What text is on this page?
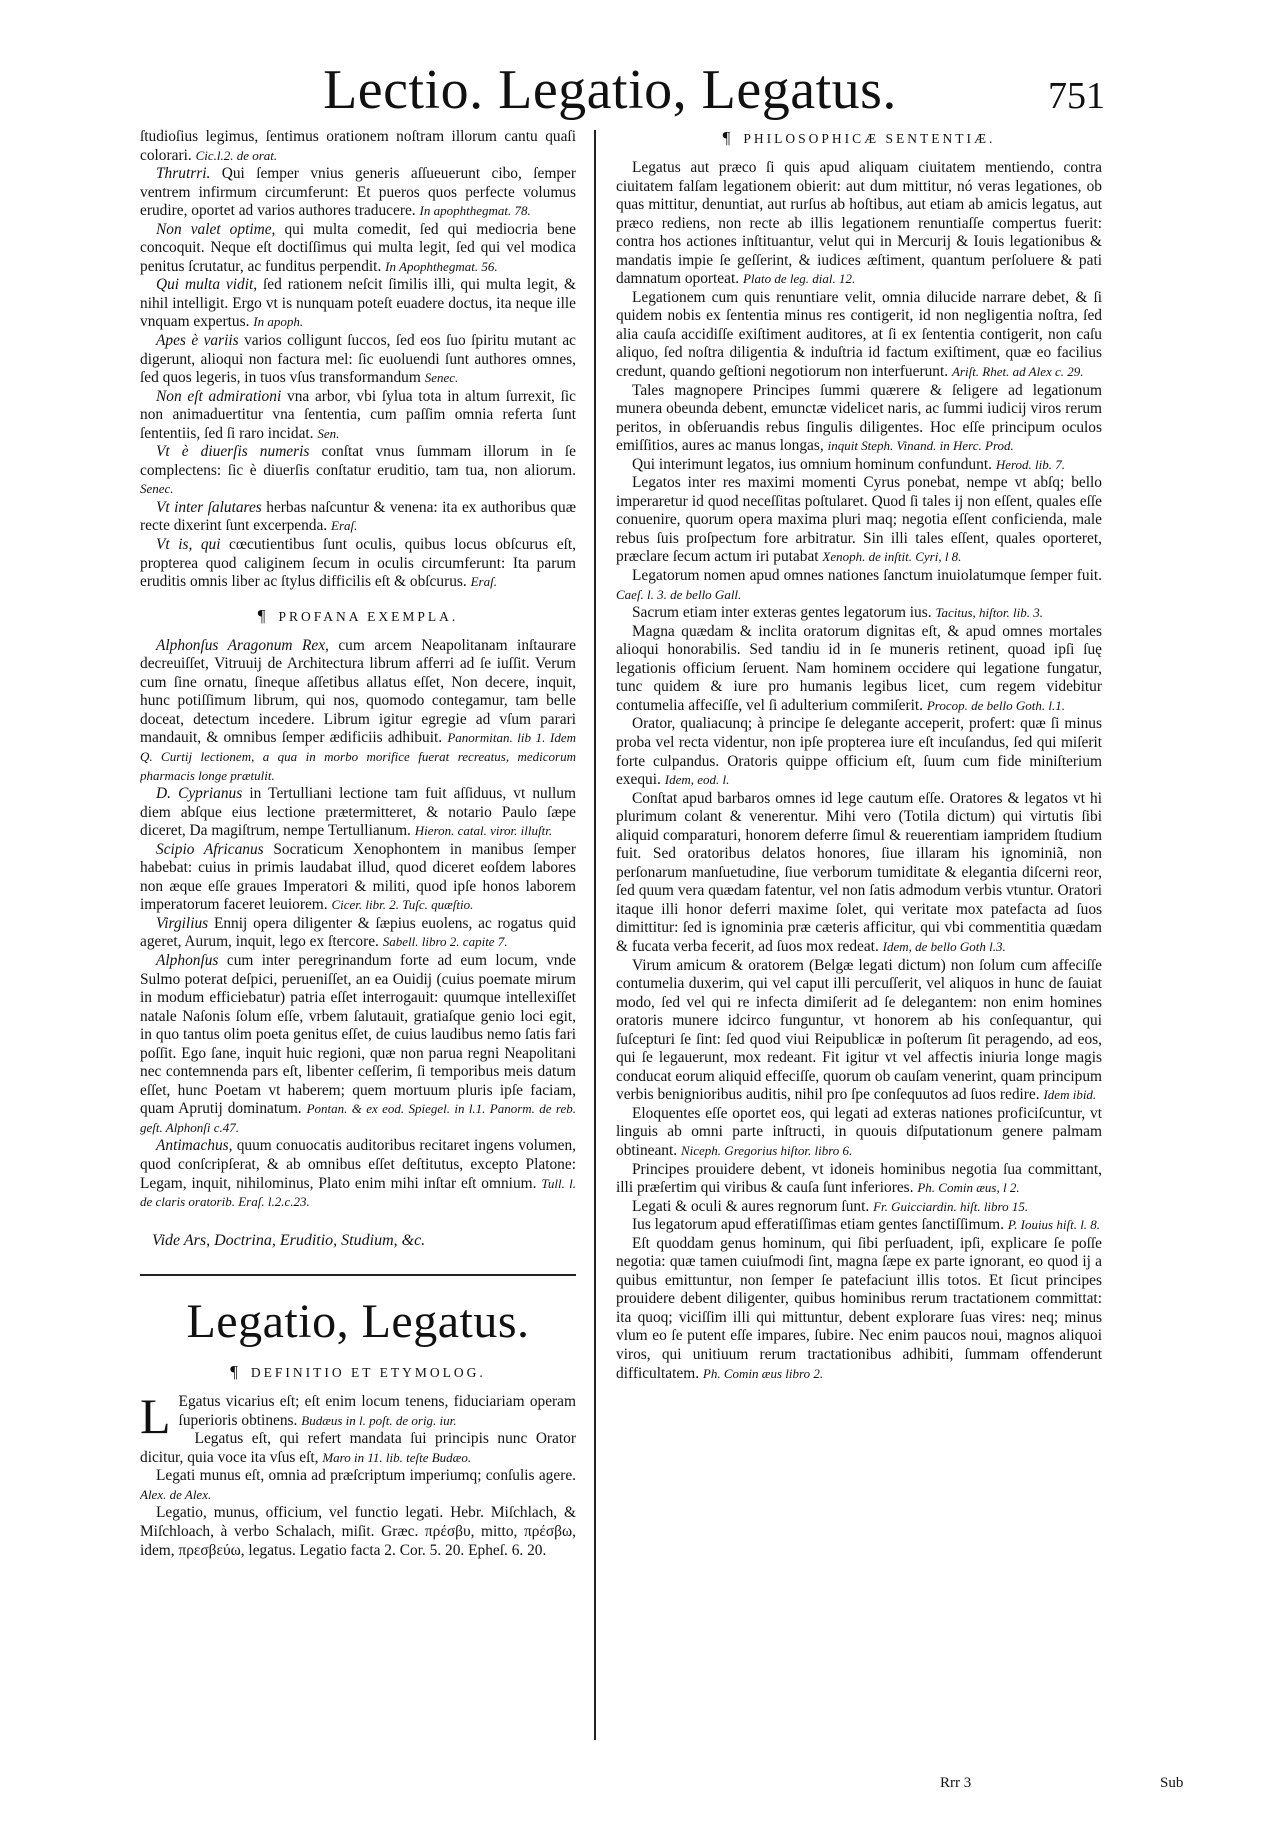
Lectio. Legatio, Legatus.	751

ſtudioſius legimus, ſentimus orationem noſtram illorum cantu quaſi colorari. Cic.l.2. de orat.

Thrutrri. Qui ſemper vnius generis aſſueuerunt cibo, ſemper ventrem infirmum circumferunt: Et pueros quos perfecte volumus erudire, oportet ad varios authores traducere. In apophthegmat. 78.

Non valet optime, qui multa comedit, ſed qui mediocria bene concoquit. Neque eſt doctiſſimus qui multa legit, ſed qui vel modica penitus ſcrutatur, ac funditus perpendit. In Apophthegmat. 56.

Qui multa vidit, ſed rationem neſcit ſimilis illi, qui multa legit, & nihil intelligit. Ergo vt is nunquam poteſt euadere doctus, ita neque ille vnquam expertus. In apoph.

Apes è variis varios colligunt ſuccos, ſed eos ſuo ſpiritu mutant ac digerunt, alioqui non factura mel: ſic euoluendi ſunt authores omnes, ſed quos legeris, in tuos vſus transformandum Senec.

Non eſt admirationi vna arbor, vbi ſylua tota in altum ſurrexit, ſic non animaduertitur vna ſententia, cum paſſim omnia referta ſunt ſententiis, ſed ſi raro incidat. Sen.

Vt è diuerſis numeris conſtat vnus ſummam illorum in ſe complectens: ſic è diuerſis conſtatur eruditio, tam tua, non aliorum. Senec.

Vt inter ſalutares herbas naſcuntur & venena: ita ex authoribus quæ recte dixerint ſunt excerpenda. Eraſ.

Vt is, qui cœcutientibus ſunt oculis, quibus locus obſcurus eſt, propterea quod caliginem ſecum in oculis circumferunt: Ita parum eruditis omnis liber ac ſtylus difficilis eſt & obſcurus. Eraſ.

¶ PROFANA EXEMPLA.

Alphonſus Aragonum Rex, cum arcem Neapolitanam inſtaurare decreuiſſet, Vitruuij de Architectura librum afferri ad ſe iuſſit. Verum cum ſine ornatu, ſineque aſſetibus allatus eſſet, Non decere, inquit, hunc potiſſimum librum, qui nos, quomodo contegamur, tam belle doceat, detectum incedere. Librum igitur egregie ad vſum parari mandauit, & omnibus ſemper ædificiis adhibuit. Panormitan. lib 1. Idem Q. Curtij lectionem, a qua in morbo morifice fuerat recreatus, medicorum pharmacis longe prætulit.

D. Cyprianus in Tertulliani lectione tam fuit aſſiduus, vt nullum diem abſque eius lectione prætermitteret, & notario Paulo ſæpe diceret, Da magiſtrum, nempe Tertullianum. Hieron. catal. viror. illuſtr.

Scipio Africanus Socraticum Xenophontem in manibus ſemper habebat: cuius in primis laudabat illud, quod diceret eoſdem labores non æque eſſe graues Imperatori & militi, quod ipſe honos laborem imperatorum faceret leuiorem. Cicer. libr. 2. Tuſc. quæſtio.

Virgilius Ennij opera diligenter & ſæpius euolens, ac rogatus quid ageret, Aurum, inquit, lego ex ſtercore. Sabell. libro 2. capite 7.

Alphonſus cum inter peregrinandum forte ad eum locum, vnde Sulmo poterat deſpici, perueniſſet, an ea Ouidij (cuius poemate mirum in modum efficiebatur) patria eſſet interrogauit: quumque intellexiſſet natale Naſonis ſolum eſſe, vrbem ſalutauit, gratiaſque genio loci egit, in quo tantus olim poeta genitus eſſet, de cuius laudibus nemo ſatis fari poſſit. Ego ſane, inquit huic regioni, quæ non parua regni Neapolitani nec contemnenda pars eſt, libenter ceſſerim, ſi temporibus meis datum eſſet, hunc Poetam vt haberem; quem mortuum pluris ipſe faciam, quam Aprutij dominatum. Pontan. & ex eod. Spiegel. in l.1. Panorm. de reb. geſt. Alphonſi c.47.

Antimachus, quum conuocatis auditoribus recitaret ingens volumen, quod conſcripſerat, & ab omnibus eſſet deſtitutus, excepto Platone: Legam, inquit, nihilominus, Plato enim mihi inſtar eſt omnium. Tull. l. de claris oratorib. Eraſ. l.2.c.23.

Vide Ars, Doctrina, Eruditio, Studium, &c.

Legatio, Legatus.
¶ DEFINITIO ET ETYMOLOG.

L Egatus vicarius eſt; eſt enim locum tenens, fiduciariam operam ſuperioris obtinens. Budæus in l. poſt. de orig. iur.

Legatus eſt, qui refert mandata ſui principis nunc Orator dicitur, quia voce ita vſus eſt, Maro in 11. lib. teſte Budæo.

Legati munus eſt, omnia ad præſcriptum imperiumq; conſulis agere. Alex. de Alex.

Legatio, munus, officium, vel functio legati. Hebr. Miſchlach, & Miſchloach, à verbo Schalach, miſit. Græc. πρέσβυ, mitto, πρέσβω, idem, πρεσβεύω, legatus. Legatio facta 2. Cor. 5. 20. Epheſ. 6. 20.

¶ PHILOSOPHICÆ SENTENTIÆ.

Legatus aut præco ſi quis apud aliquam ciuitatem mentiendo, contra ciuitatem falſam legationem obierit: aut dum mittitur, nó veras legationes, ob quas mittitur, denuntiat, aut rurſus ab hoſtibus, aut etiam ab amicis legatus, aut præco rediens, non recte ab illis legationem renuntiaſſe compertus fuerit: contra hos actiones inſtituantur, velut qui in Mercurij & Iouis legationibus & mandatis impie ſe geſſerint, & iudices æſtiment, quantum perſoluere & pati damnatum oporteat. Plato de leg. dial. 12.

Legationem cum quis renuntiare velit, omnia dilucide narrare debet, & ſi quidem nobis ex ſententia minus res contigerit, id non negligentia noſtra, ſed alia cauſa accidiſſe exiſtiment auditores, at ſi ex ſententia contigerit, non caſu aliquo, ſed noſtra diligentia & induſtria id factum exiſtiment, quæ eo facilius credunt, quando geſtioni negotiorum non interfuerunt. Ariſt. Rhet. ad Alex c. 29.

Tales magnopere Principes ſummi quærere & ſeligere ad legationum munera obeunda debent, emunctæ videlicet naris, ac ſummi iudicij viros rerum peritos, in obſeruandis rebus ſingulis diligentes. Hoc eſſe principum oculos emiſſitios, aures ac manus longas, inquit Steph. Vinand. in Herc. Prod.

Qui interimunt legatos, ius omnium hominum confundunt. Herod. lib. 7.

Legatos inter res maximi momenti Cyrus ponebat, nempe vt abſq; bello imperaretur id quod neceſſitas poſtularet. Quod ſi tales ij non eſſent, quales eſſe conuenire, quorum opera maxima pluri maq; negotia eſſent conficienda, male rebus ſuis proſpectum fore arbitratur. Sin illi tales eſſent, quales oporteret, præclare ſecum actum iri putabat Xenoph. de inſtit. Cyri, l 8.

Legatorum nomen apud omnes nationes ſanctum inuiolatumque ſemper fuit. Caeſ. l. 3. de bello Gall.

Sacrum etiam inter exteras gentes legatorum ius. Tacitus, hiſtor. lib. 3.

Magna quædam & inclita oratorum dignitas eſt, & apud omnes mortales alioqui honorabilis. Sed tandiu id in ſe muneris retinent, quoad ipſi ſuę legationis officium ſeruent. Nam hominem occidere qui legatione fungatur, tunc quidem & iure pro humanis legibus licet, cum regem videbitur contumelia affeciſſe, vel ſi adulterium commiſerit. Procop. de bello Goth. l.1.

Orator, qualiacunq; à principe ſe delegante acceperit, profert: quæ ſi minus proba vel recta videntur, non ipſe propterea iure eſt incuſandus, ſed qui miſerit forte culpandus. Oratoris quippe officium eſt, ſuum cum fide miniſterium exequi. Idem, eod. l.

Conſtat apud barbaros omnes id lege cautum eſſe. Oratores & legatos vt hi plurimum colant & venerentur. Mihi vero (Totila dictum) qui virtutis ſibi aliquid comparaturi, honorem deferre ſimul & reuerentiam iampridem ſtudium fuit. Sed oratoribus delatos honores, ſiue illaram his ignominiã, non perſonarum manſuetudine, ſiue verborum tumiditate & elegantia diſcerni reor, ſed quum vera quædam fatentur, vel non ſatis admodum verbis vtuntur. Oratori itaque illi honor deferri maxime ſolet, qui veritate mox patefacta ad ſuos dimittitur: ſed is ignominia præ cæteris afficitur, qui vbi commentitia quædam & fucata verba fecerit, ad ſuos mox redeat. Idem, de bello Goth l.3.

Virum amicum & oratorem (Belgæ legati dictum) non ſolum cum affeciſſe contumelia duxerim, qui vel caput illi percuſſerit, vel aliquos in hunc de ſauiat modo, ſed vel qui re infecta dimiſerit ad ſe delegantem: non enim homines oratoris munere idcirco funguntur, vt honorem ab his conſequantur, qui ſuſcepturi ſe ſint: ſed quod viui Reipublicæ in poſterum ſit peragendo, ad eos, qui ſe legauerunt, mox redeant. Fit igitur vt vel affectis iniuria longe magis conducat eorum aliquid effeciſſe, quorum ob cauſam venerint, quam principum verbis benignioribus auditis, nihil pro ſpe conſequutos ad ſuos redire. Idem ibid.

Eloquentes eſſe oportet eos, qui legati ad exteras nationes proficiſcuntur, vt linguis ab omni parte inſtructi, in quouis diſputationum genere palmam obtineant. Niceph. Gregorius hiſtor. libro 6.

Principes prouidere debent, vt idoneis hominibus negotia ſua committant, illi præſertim qui viribus & cauſa ſunt inferiores. Ph. Comin æus, l 2.

Legati & oculi & aures regnorum ſunt. Fr. Guicciardin. hiſt. libro 15.

Ius legatorum apud efferatiſſimas etiam gentes ſanctiſſimum. P. Iouius hiſt. l. 8.

Eſt quoddam genus hominum, qui ſibi perſuadent, ipſi, explicare ſe poſſe negotia: quæ tamen cuiuſmodi ſint, magna ſæpe ex parte ignorant, eo quod ij a quibus emittuntur, non ſemper ſe patefaciunt illis totos. Et ſicut principes prouidere debent diligenter, quibus hominibus rerum tractationem committat: ita quoq; viciſſim illi qui mittuntur, debent explorare ſuas vires: neq; minus vlum eo ſe putent eſſe impares, ſubire. Nec enim paucos noui, magnos aliquoi viros, qui unitiuum rerum tractationibus adhibiti, ſummam offenderunt difficultatem. Ph. Comin æus libro 2.

Rrr 3	Sub
